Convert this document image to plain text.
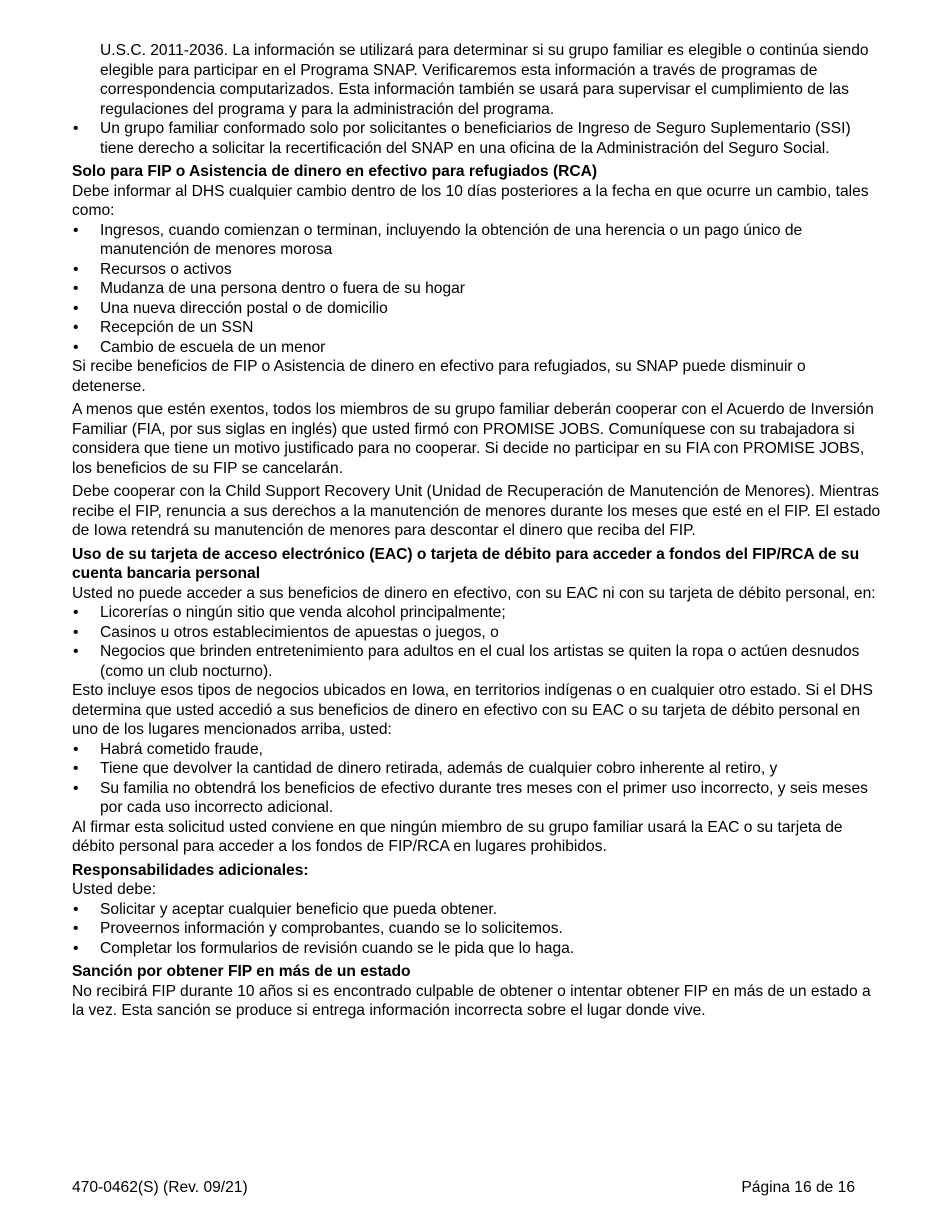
U.S.C. 2011-2036. La información se utilizará para determinar si su grupo familiar es elegible o continúa siendo elegible para participar en el Programa SNAP. Verificaremos esta información a través de programas de correspondencia computarizados. Esta información también se usará para supervisar el cumplimiento de las regulaciones del programa y para la administración del programa.

• Un grupo familiar conformado solo por solicitantes o beneficiarios de Ingreso de Seguro Suplementario (SSI) tiene derecho a solicitar la recertificación del SNAP en una oficina de la Administración del Seguro Social.
Solo para FIP o Asistencia de dinero en efectivo para refugiados (RCA)

Debe informar al DHS cualquier cambio dentro de los 10 días posteriores a la fecha en que ocurre un cambio, tales como:

• Ingresos, cuando comienzan o terminan, incluyendo la obtención de una herencia o un pago único de manutención de menores morosa
• Recursos o activos
• Mudanza de una persona dentro o fuera de su hogar
• Una nueva dirección postal o de domicilio
• Recepción de un SSN
• Cambio de escuela de un menor

Si recibe beneficios de FIP o Asistencia de dinero en efectivo para refugiados, su SNAP puede disminuir o detenerse.

A menos que estén exentos, todos los miembros de su grupo familiar deberán cooperar con el Acuerdo de Inversión Familiar (FIA, por sus siglas en inglés) que usted firmó con PROMISE JOBS. Comuníquese con su trabajadora si considera que tiene un motivo justificado para no cooperar. Si decide no participar en su FIA con PROMISE JOBS, los beneficios de su FIP se cancelarán.

Debe cooperar con la Child Support Recovery Unit (Unidad de Recuperación de Manutención de Menores). Mientras recibe el FIP, renuncia a sus derechos a la manutención de menores durante los meses que esté en el FIP. El estado de Iowa retendrá su manutención de menores para descontar el dinero que reciba del FIP.

Uso de su tarjeta de acceso electrónico (EAC) o tarjeta de débito para acceder a fondos del FIP/RCA de su cuenta bancaria personal

Usted no puede acceder a sus beneficios de dinero en efectivo, con su EAC ni con su tarjeta de débito personal, en:

• Licorerías o ningún sitio que venda alcohol principalmente;
• Casinos u otros establecimientos de apuestas o juegos, o
• Negocios que brinden entretenimiento para adultos en el cual los artistas se quiten la ropa o actúen desnudos (como un club nocturno).

Esto incluye esos tipos de negocios ubicados en Iowa, en territorios indígenas o en cualquier otro estado. Si el DHS determina que usted accedió a sus beneficios de dinero en efectivo con su EAC o su tarjeta de débito personal en uno de los lugares mencionados arriba, usted:

• Habrá cometido fraude,
• Tiene que devolver la cantidad de dinero retirada, además de cualquier cobro inherente al retiro, y
• Su familia no obtendrá los beneficios de efectivo durante tres meses con el primer uso incorrecto, y seis meses por cada uso incorrecto adicional.

Al firmar esta solicitud usted conviene en que ningún miembro de su grupo familiar usará la EAC o su tarjeta de débito personal para acceder a los fondos de FIP/RCA en lugares prohibidos.

Responsabilidades adicionales:

Usted debe:

• Solicitar y aceptar cualquier beneficio que pueda obtener.
• Proveernos información y comprobantes, cuando se lo solicitemos.
• Completar los formularios de revisión cuando se le pida que lo haga.
Sanción por obtener FIP en más de un estado

No recibirá FIP durante 10 años si es encontrado culpable de obtener o intentar obtener FIP en más de un estado a la vez. Esta sanción se produce si entrega información incorrecta sobre el lugar donde vive.

470-0462(S) (Rev. 09/21)	Página 16 de 16
